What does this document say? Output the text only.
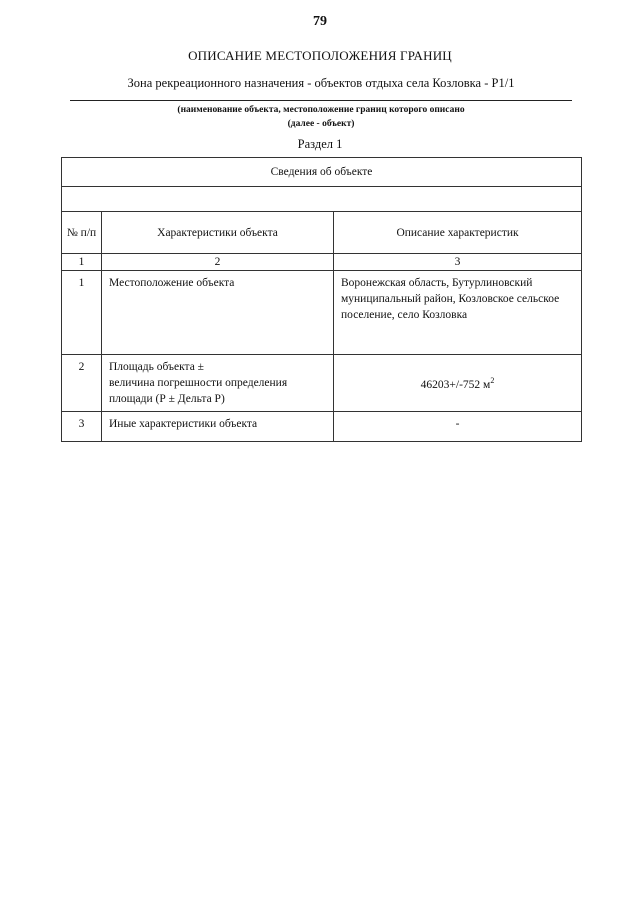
79
ОПИСАНИЕ МЕСТОПОЛОЖЕНИЯ ГРАНИЦ
Зона рекреационного назначения - объектов отдыха села Козловка - Р1/1
(наименование объекта, местоположение границ которого описано
(далее - объект)
Раздел 1
Сведения об объекте		

№ п/п	Характеристики объекта	Описание характеристик
1	2	3
1	Местоположение объекта	Воронежская область, Бутурлиновский муниципальный район, Козловское сельское поселение, село Козловка
2	Площадь объекта ±
величина погрешности определения площади (Р ± Дельта Р)	46203+/-752 $м^2$
3	Иные характеристики объекта	-
